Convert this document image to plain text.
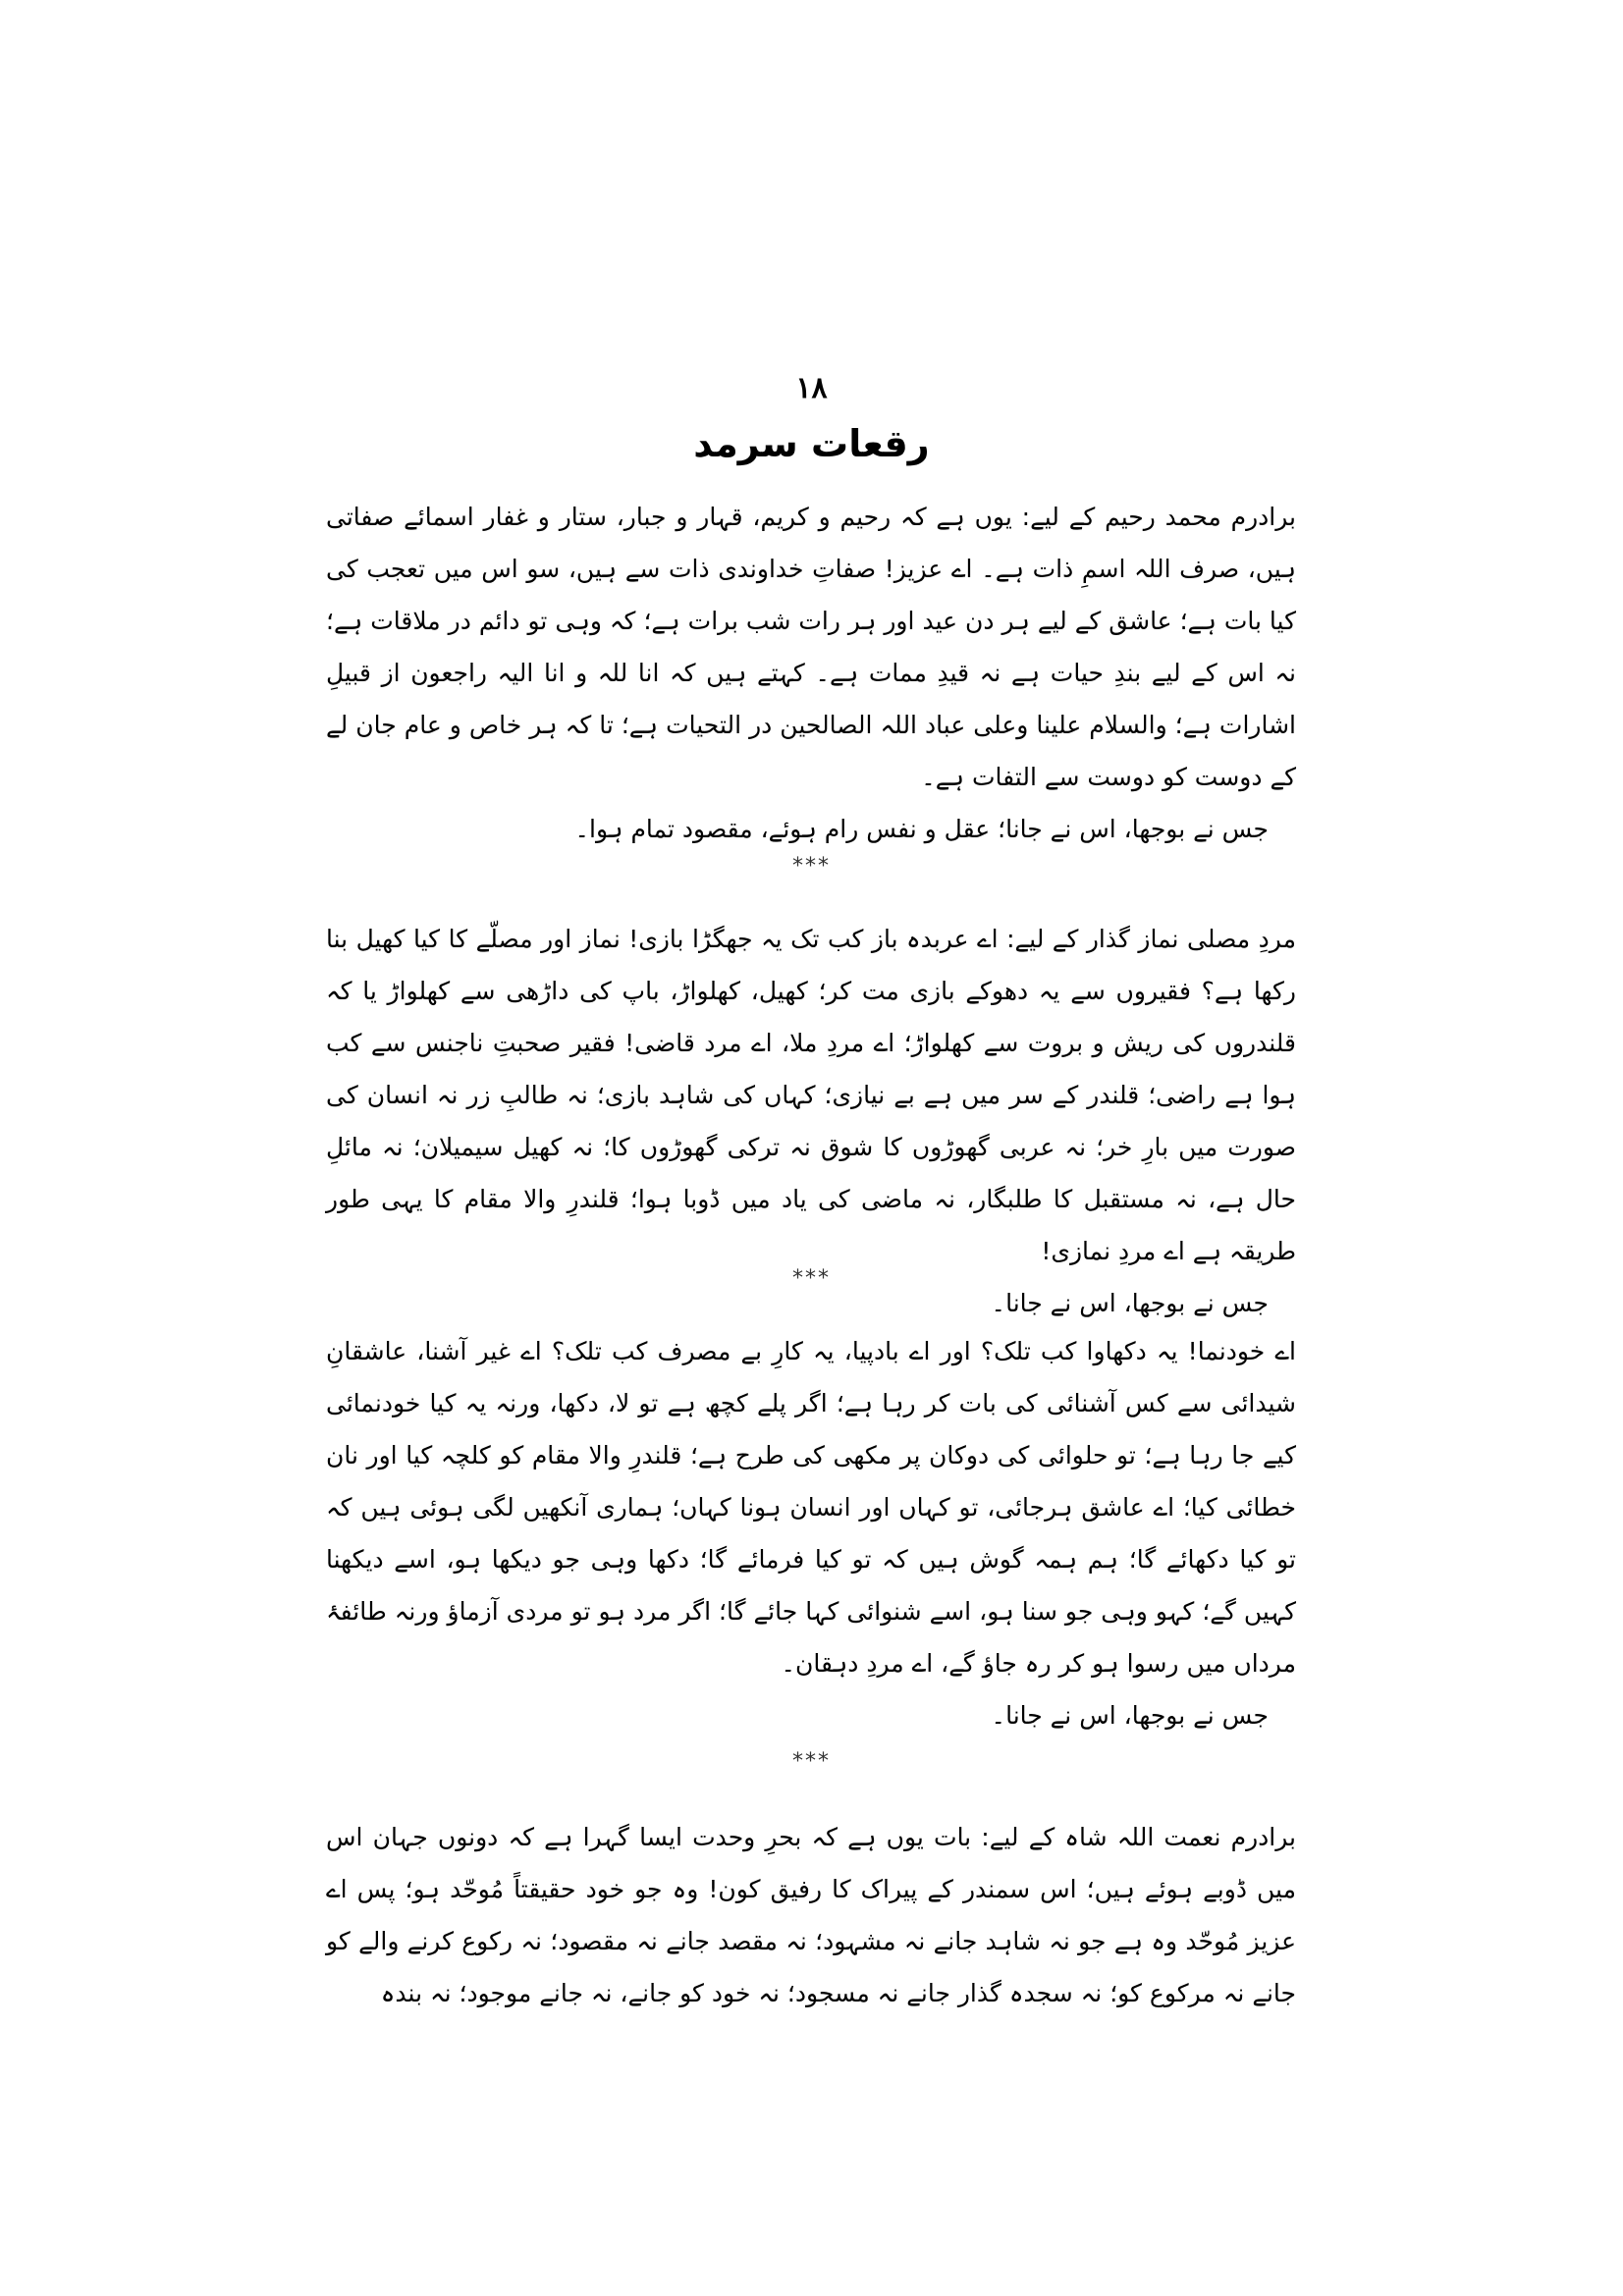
۱۸
رقعات سرمد

برادرم محمد رحیم کے لیے: یوں ہے کہ رحیم و کریم، قہار و جبار، ستار و غفار اسمائے صفاتی ہیں، صرف اللہ اسمِ ذات ہے۔ اے عزیز! صفاتِ خداوندی ذات سے ہیں، سو اس میں تعجب کی کیا بات ہے؛ عاشق کے لیے ہر دن عید اور ہر رات شب برات ہے؛ کہ وہی تو دائم در ملاقات ہے؛ نہ اس کے لیے بندِ حیات ہے نہ قیدِ ممات ہے۔ کہتے ہیں کہ انا للہ و انا الیہ راجعون از قبیلِ اشارات ہے؛ والسلام علینا وعلی عباد اللہ الصالحین در التحیات ہے؛ تا کہ ہر خاص و عام جان لے کے دوست کو دوست سے التفات ہے۔

جس نے بوجھا، اس نے جانا؛ عقل و نفس رام ہوئے، مقصود تمام ہوا۔

***

مردِ مصلی نماز گذار کے لیے: اے عربدہ باز کب تک یہ جھگڑا بازی! نماز اور مصلّے کا کیا کھیل بنا رکھا ہے؟ فقیروں سے یہ دھوکے بازی مت کر؛ کھیل، کھلواڑ، باپ کی داڑھی سے کھلواڑ یا کہ قلندروں کی ریش و بروت سے کھلواڑ؛ اے مردِ ملا، اے مرد قاضی! فقیر صحبتِ ناجنس سے کب ہوا ہے راضی؛ قلندر کے سر میں ہے بے نیازی؛ کہاں کی شاہد بازی؛ نہ طالبِ زر نہ انسان کی صورت میں بارِ خر؛ نہ عربی گھوڑوں کا شوق نہ ترکی گھوڑوں کا؛ نہ کھیل سیمیلان؛ نہ مائلِ حال ہے، نہ مستقبل کا طلبگار، نہ ماضی کی یاد میں ڈوبا ہوا؛ قلندرِ والا مقام کا یہی طور طریقہ ہے اے مردِ نمازی!

جس نے بوجھا، اس نے جانا۔

***

اے خودنما! یہ دکھاوا کب تلک؟ اور اے بادپیا، یہ کارِ بے مصرف کب تلک؟ اے غیر آشنا، عاشقانِ شیدائی سے کس آشنائی کی بات کر رہا ہے؛ اگر پلے کچھ ہے تو لا، دکھا، ورنہ یہ کیا خودنمائی کیے جا رہا ہے؛ تو حلوائی کی دوکان پر مکھی کی طرح ہے؛ قلندرِ والا مقام کو کلچہ کیا اور نان خطائی کیا؛ اے عاشق ہرجائی، تو کہاں اور انسان ہونا کہاں؛ ہماری آنکھیں لگی ہوئی ہیں کہ تو کیا دکھائے گا؛ ہم ہمہ گوش ہیں کہ تو کیا فرمائے گا؛ دکھا وہی جو دیکھا ہو، اسے دیکھنا کہیں گے؛ کہو وہی جو سنا ہو، اسے شنوائی کہا جائے گا؛ اگر مرد ہو تو مردی آزماؤ ورنہ طائفۂ مرداں میں رسوا ہو کر رہ جاؤ گے، اے مردِ دہقان۔

جس نے بوجھا، اس نے جانا۔

***

برادرم نعمت اللہ شاہ کے لیے: بات یوں ہے کہ بحرِ وحدت ایسا گہرا ہے کہ دونوں جہان اس میں ڈوبے ہوئے ہیں؛ اس سمندر کے پیراک کا رفیق کون! وہ جو خود حقیقتاً مُوحّد ہو؛ پس اے عزیز مُوحّد وہ ہے جو نہ شاہد جانے نہ مشہود؛ نہ مقصد جانے نہ مقصود؛ نہ رکوع کرنے والے کو جانے نہ مرکوع کو؛ نہ سجدہ گذار جانے نہ مسجود؛ نہ خود کو جانے، نہ جانے موجود؛ نہ بندہ
